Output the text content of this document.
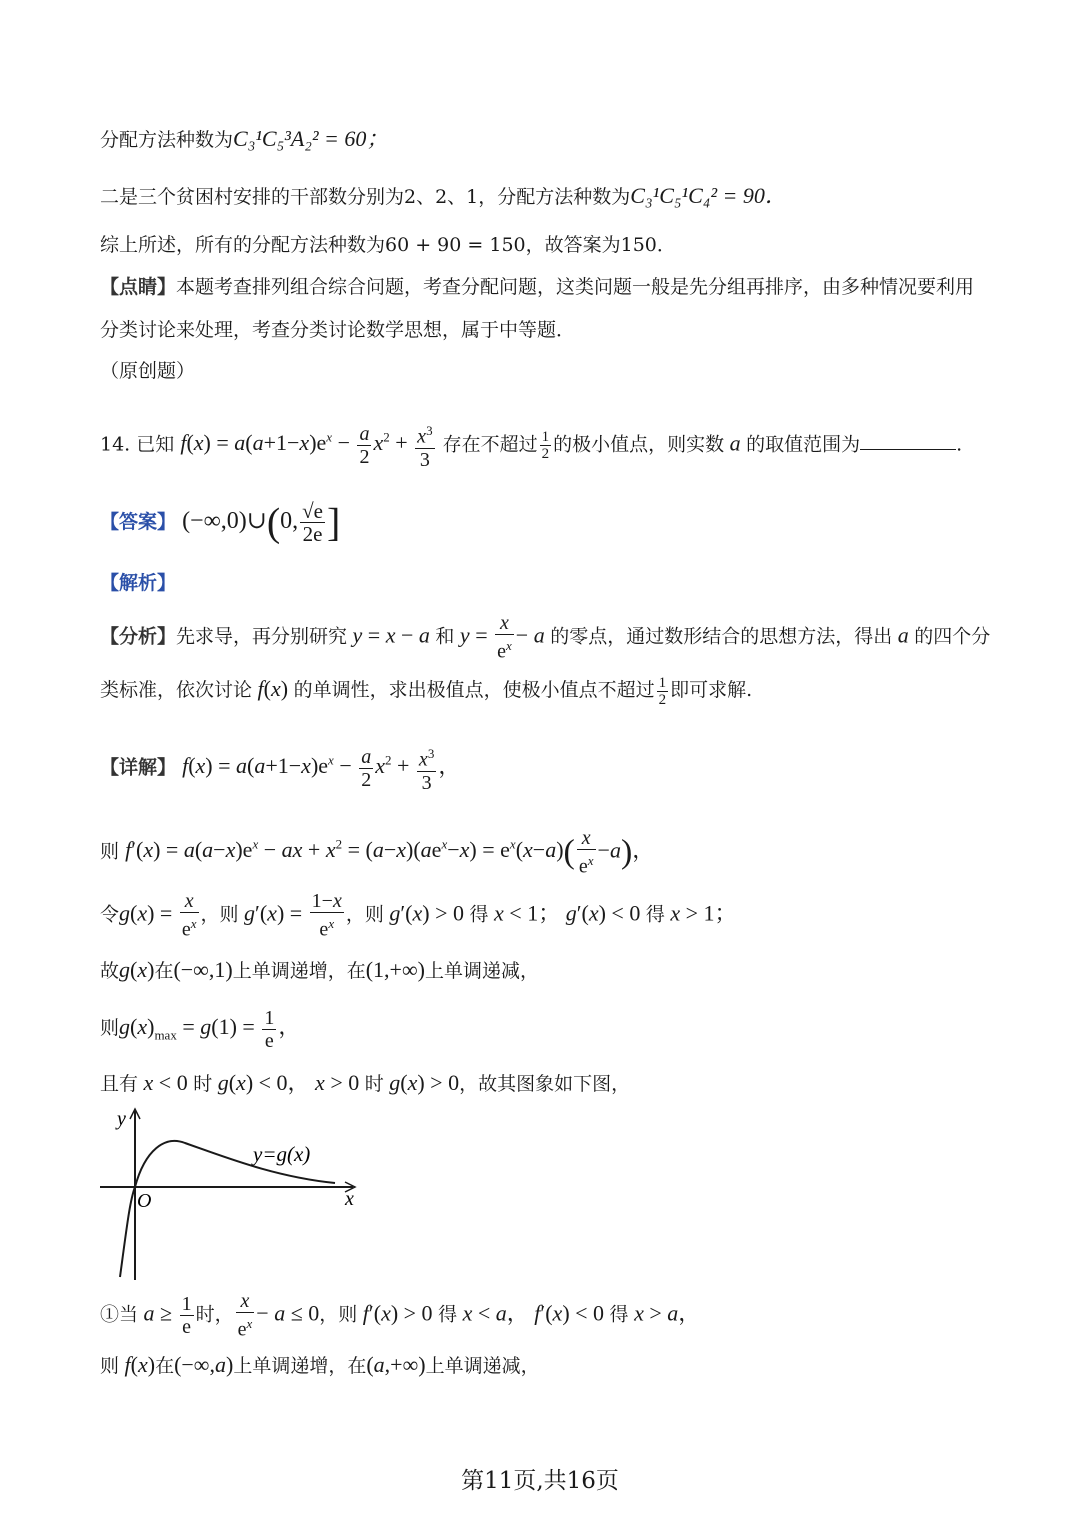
分配方法种数为C₃¹C₅³A₂² = 60；
二是三个贫困村安排的干部数分别为2、2、1，分配方法种数为C₃¹C₅¹C₄² = 90．
综上所述，所有的分配方法种数为60 + 90 = 150，故答案为150．
【点睛】本题考查排列组合综合问题，考查分配问题，这类问题一般是先分组再排序，由多种情况要利用
分类讨论来处理，考查分类讨论数学思想，属于中等题．
（原创题）
14. 已知 $f(x) = a(a+1-x)e^x - \frac{a}{2} x^2 + \frac{x^3}{3}$ 存在不超过 $\frac{1}{2}$ 的极小值点，则实数 a 的取值范围为	.
【答案】 (−∞,0)∪(0, $\frac{√e}{2e}$ ]
【解析】
【分析】先求导，再分别研究 y = x − a 和 $y = \frac{x}{e^x} - a$ 的零点，通过数形结合的思想方法，得出 a 的四个分
类标准，依次讨论 f(x) 的单调性，求出极值点，使极小值点不超过 $\frac{1}{2}$ 即可求解.
【详解】 $f(x) = a(a+1-x)e^x - \frac{a}{2} x^2 + \frac{x^3}{3}$ ，
则 $f'(x) = a(a-x)e^x$ − ax + $x^2 = (a-x)(ae^x-x) = e^x(x-a)( \frac{x}{e^x} -a)$，
令$g(x) = \frac{x}{e^x}$ ，则 $g'(x) = \frac{1-x}{e^x}$ ，则 g′(x) > 0 得 x < 1； g′(x) < 0 得 x > 1；
故g(x)在(−∞,1)上单调递增，在(1,+∞)上单调递减，
则$g(x)_{max} = g(1) = \frac{1}{e}$ ，
且有 x < 0 时 g(x) < 0， x > 0 时 g(x) > 0，故其图象如下图，
y
x
O
y=g(x)
①当 $a \ge \frac{1}{e}$ 时， $\frac{x}{e^x} - a \le 0$，则 f′(x) > 0 得 x < a， f′(x) < 0 得 x > a，
则 f(x)在(−∞,a)上单调递增，在(a,+∞)上单调递减，
第11页,共16页
